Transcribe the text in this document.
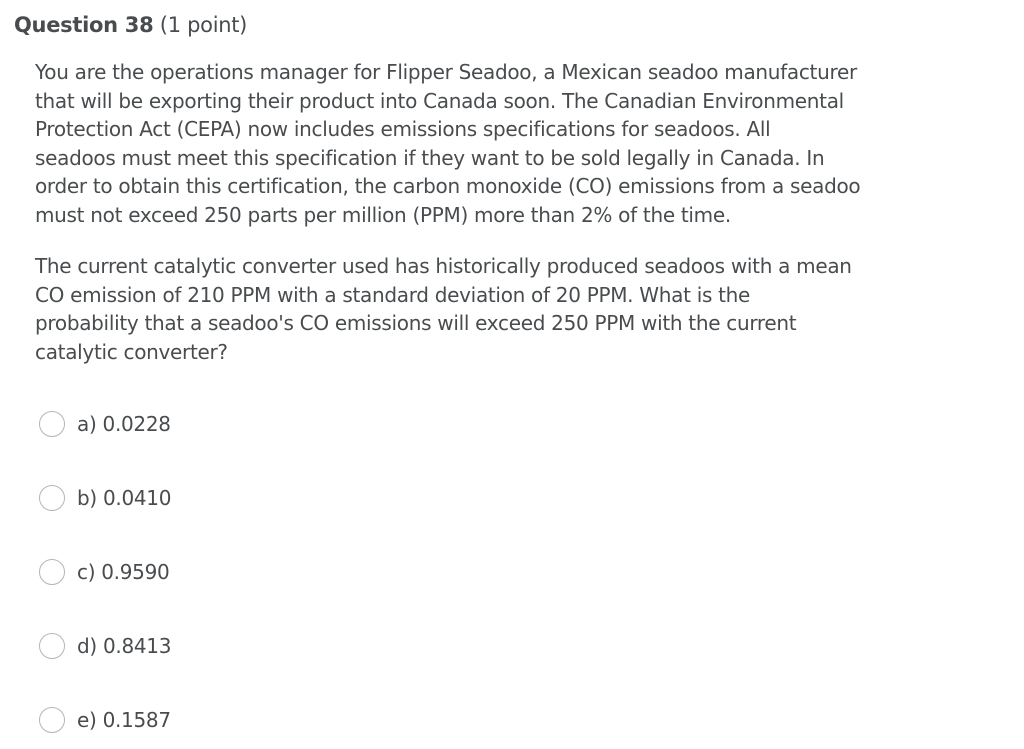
Question 38 (1 point)
You are the operations manager for Flipper Seadoo, a Mexican seadoo manufacturer
that will be exporting their product into Canada soon. The Canadian Environmental
Protection Act (CEPA) now includes emissions specifications for seadoos. All
seadoos must meet this specification if they want to be sold legally in Canada. In
order to obtain this certification, the carbon monoxide (CO) emissions from a seadoo
must not exceed 250 parts per million (PPM) more than 2% of the time.
The current catalytic converter used has historically produced seadoos with a mean
CO emission of 210 PPM with a standard deviation of 20 PPM. What is the
probability that a seadoo's CO emissions will exceed 250 PPM with the current
catalytic converter?
a) 0.0228
b) 0.0410
c) 0.9590
d) 0.8413
e) 0.1587
